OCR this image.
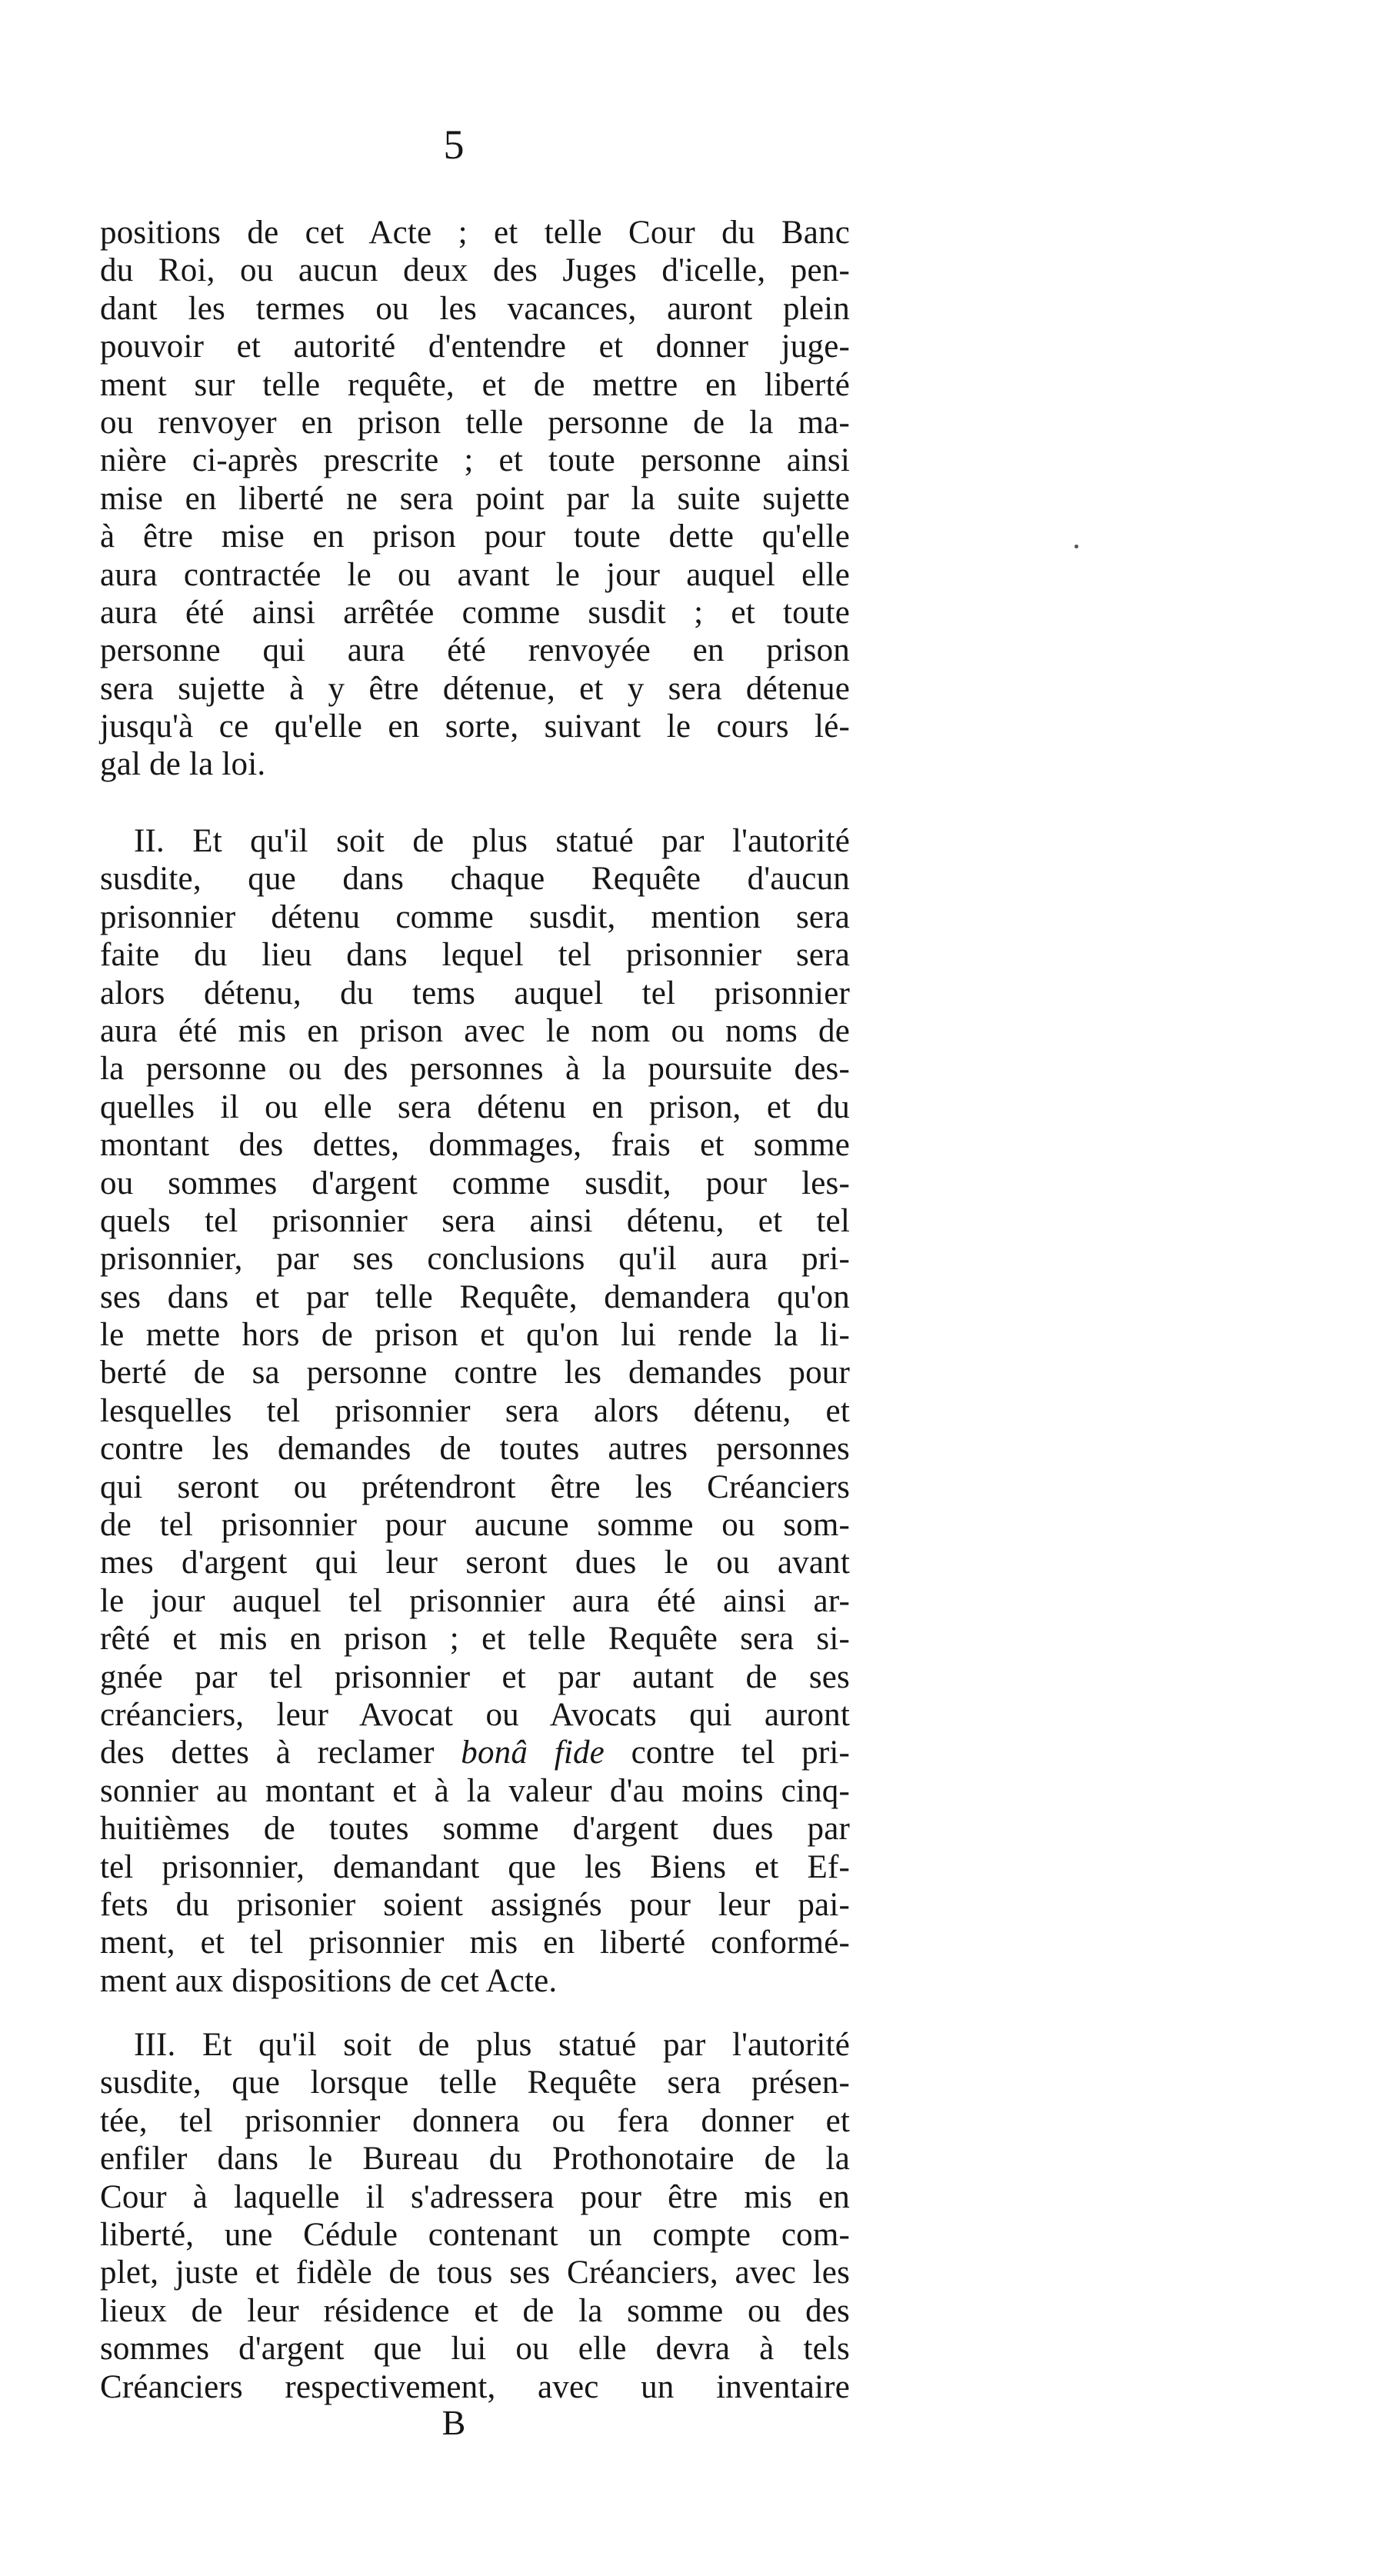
5
positions de cet Acte ; et telle Cour du Banc
du Roi, ou aucun deux des Juges d'icelle, pen-
dant les termes ou les vacances, auront plein
pouvoir et autorité d'entendre et donner juge-
ment sur telle requête, et de mettre en liberté
ou renvoyer en prison telle personne de la ma-
nière ci-après prescrite ; et toute personne ainsi
mise en liberté ne sera point par la suite sujette
à être mise en prison pour toute dette qu'elle
aura contractée le ou avant le jour auquel elle
aura été ainsi arrêtée comme susdit ; et toute
personne qui aura été renvoyée en prison
sera sujette à y être détenue, et y sera détenue
jusqu'à ce qu'elle en sorte, suivant le cours lé-
gal de la loi.
II. Et qu'il soit de plus statué par l'autorité
susdite, que dans chaque Requête d'aucun
prisonnier détenu comme susdit, mention sera
faite du lieu dans lequel tel prisonnier sera
alors détenu, du tems auquel tel prisonnier
aura été mis en prison avec le nom ou noms de
la personne ou des personnes à la poursuite des-
quelles il ou elle sera détenu en prison, et du
montant des dettes, dommages, frais et somme
ou sommes d'argent comme susdit, pour les-
quels tel prisonnier sera ainsi détenu, et tel
prisonnier, par ses conclusions qu'il aura pri-
ses dans et par telle Requête, demandera qu'on
le mette hors de prison et qu'on lui rende la li-
berté de sa personne contre les demandes pour
lesquelles tel prisonnier sera alors détenu, et
contre les demandes de toutes autres personnes
qui seront ou prétendront être les Créanciers
de tel prisonnier pour aucune somme ou som-
mes d'argent qui leur seront dues le ou avant
le jour auquel tel prisonnier aura été ainsi ar-
rêté et mis en prison ; et telle Requête sera si-
gnée par tel prisonnier et par autant de ses
créanciers, leur Avocat ou Avocats qui auront
des dettes à reclamer bonâ fide contre tel pri-
sonnier au montant et à la valeur d'au moins cinq-
huitièmes de toutes somme d'argent dues par
tel prisonnier, demandant que les Biens et Ef-
fets du prisonier soient assignés pour leur pai-
ment, et tel prisonnier mis en liberté conformé-
ment aux dispositions de cet Acte.
III. Et qu'il soit de plus statué par l'autorité
susdite, que lorsque telle Requête sera présen-
tée, tel prisonnier donnera ou fera donner et
enfiler dans le Bureau du Prothonotaire de la
Cour à laquelle il s'adressera pour être mis en
liberté, une Cédule contenant un compte com-
plet, juste et fidèle de tous ses Créanciers, avec les
lieux de leur résidence et de la somme ou des
sommes d'argent que lui ou elle devra à tels
Créanciers respectivement, avec un inventaire
B
